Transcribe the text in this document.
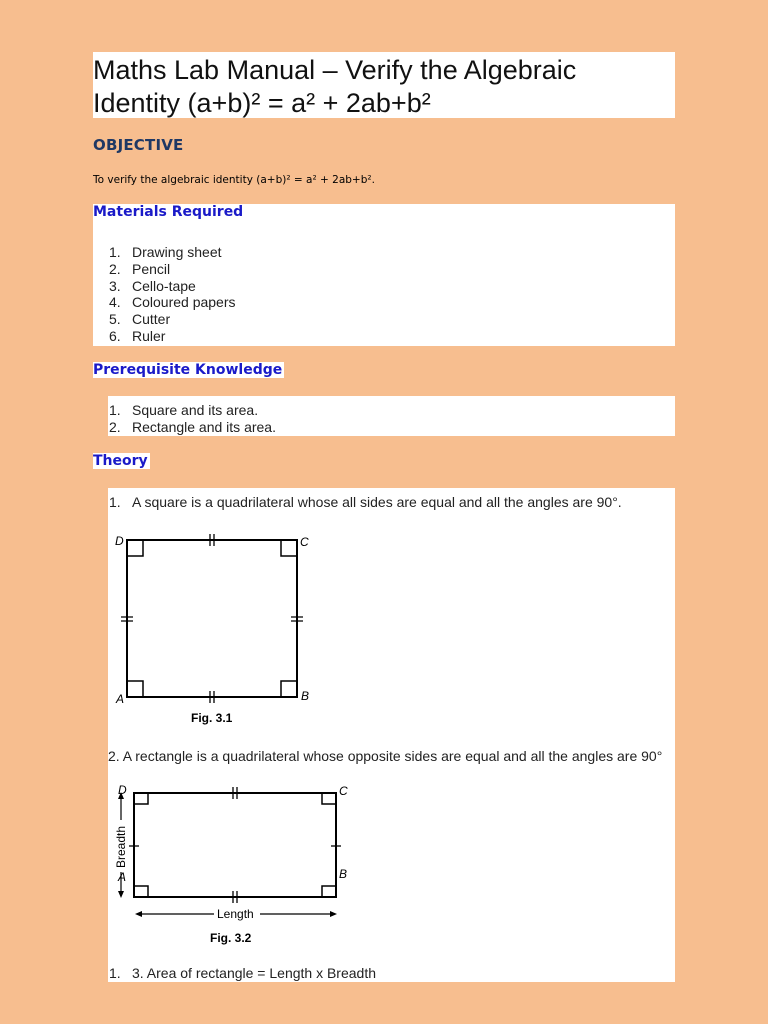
Maths Lab Manual – Verify the Algebraic
Identity (a+b)² = a² + 2ab+b²
OBJECTIVE
To verify the algebraic identity (a+b)² = a² + 2ab+b².
Materials Required
1. Drawing sheet
2. Pencil
3. Cello-tape
4. Coloured papers
5. Cutter
6. Ruler
Prerequisite Knowledge
1. Square and its area.
2. Rectangle and its area.
Theory
1. A square is a quadrilateral whose all sides are equal and all the angles are 90°.
D	C
A	B
Fig. 3.1
2. A rectangle is a quadrilateral whose opposite sides are equal and all the angles are 90°
Breadth
Length
D	C
A	B
Fig. 3.2
1. 3. Area of rectangle = Length x Breadth
